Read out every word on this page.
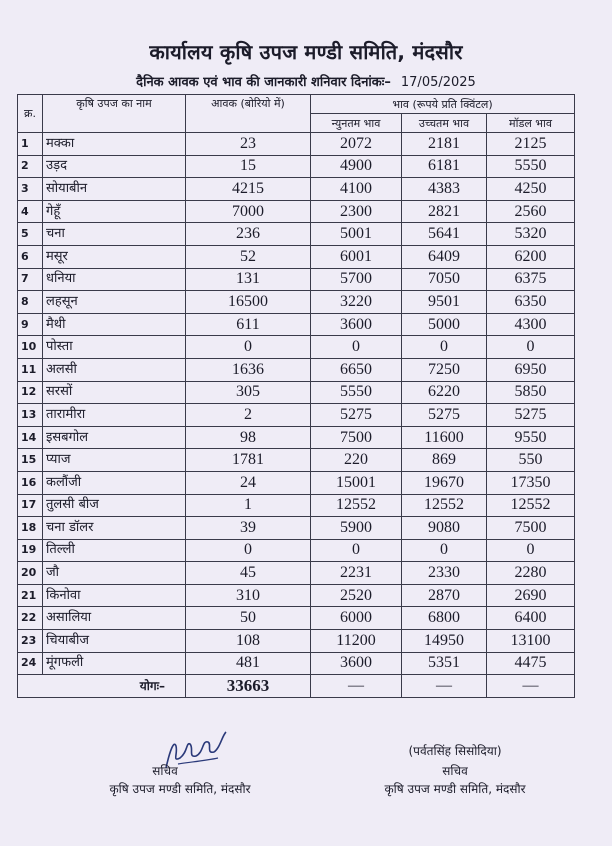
कार्यालय कृषि उपज मण्डी समिति, मंदसौर
दैनिक आवक एवं भाव की जानकारी शनिवार दिनांकः– 17/05/2025
क्र.	कृषि उपज का नाम	आवक (बोरियो में)	भाव (रूपये प्रति क्विंटल)		
			न्युनतम भाव	उच्चतम भाव	मॉडल भाव
1	मक्का	23	2072	2181	2125
2	उड़द	15	4900	6181	5550
3	सोयाबीन	4215	4100	4383	4250
4	गेहूँ	7000	2300	2821	2560
5	चना	236	5001	5641	5320
6	मसूर	52	6001	6409	6200
7	धनिया	131	5700	7050	6375
8	लहसून	16500	3220	9501	6350
9	मैथी	611	3600	5000	4300
10	पोस्ता	0	0	0	0
11	अलसी	1636	6650	7250	6950
12	सरसों	305	5550	6220	5850
13	तारामीरा	2	5275	5275	5275
14	इसबगोल	98	7500	11600	9550
15	प्याज	1781	220	869	550
16	कलौंजी	24	15001	19670	17350
17	तुलसी बीज	1	12552	12552	12552
18	चना डॉलर	39	5900	9080	7500
19	तिल्ली	0	0	0	0
20	जौ	45	2231	2330	2280
21	किनोवा	310	2520	2870	2690
22	असालिया	50	6000	6800	6400
23	चियाबीज	108	11200	14950	13100
24	मूंगफली	481	3600	5351	4475
योगः–		33663	—	—	—
सचिव
कृषि उपज मण्डी समिति, मंदसौर
(पर्वतसिंह सिसोदिया)
सचिव
कृषि उपज मण्डी समिति, मंदसौर
